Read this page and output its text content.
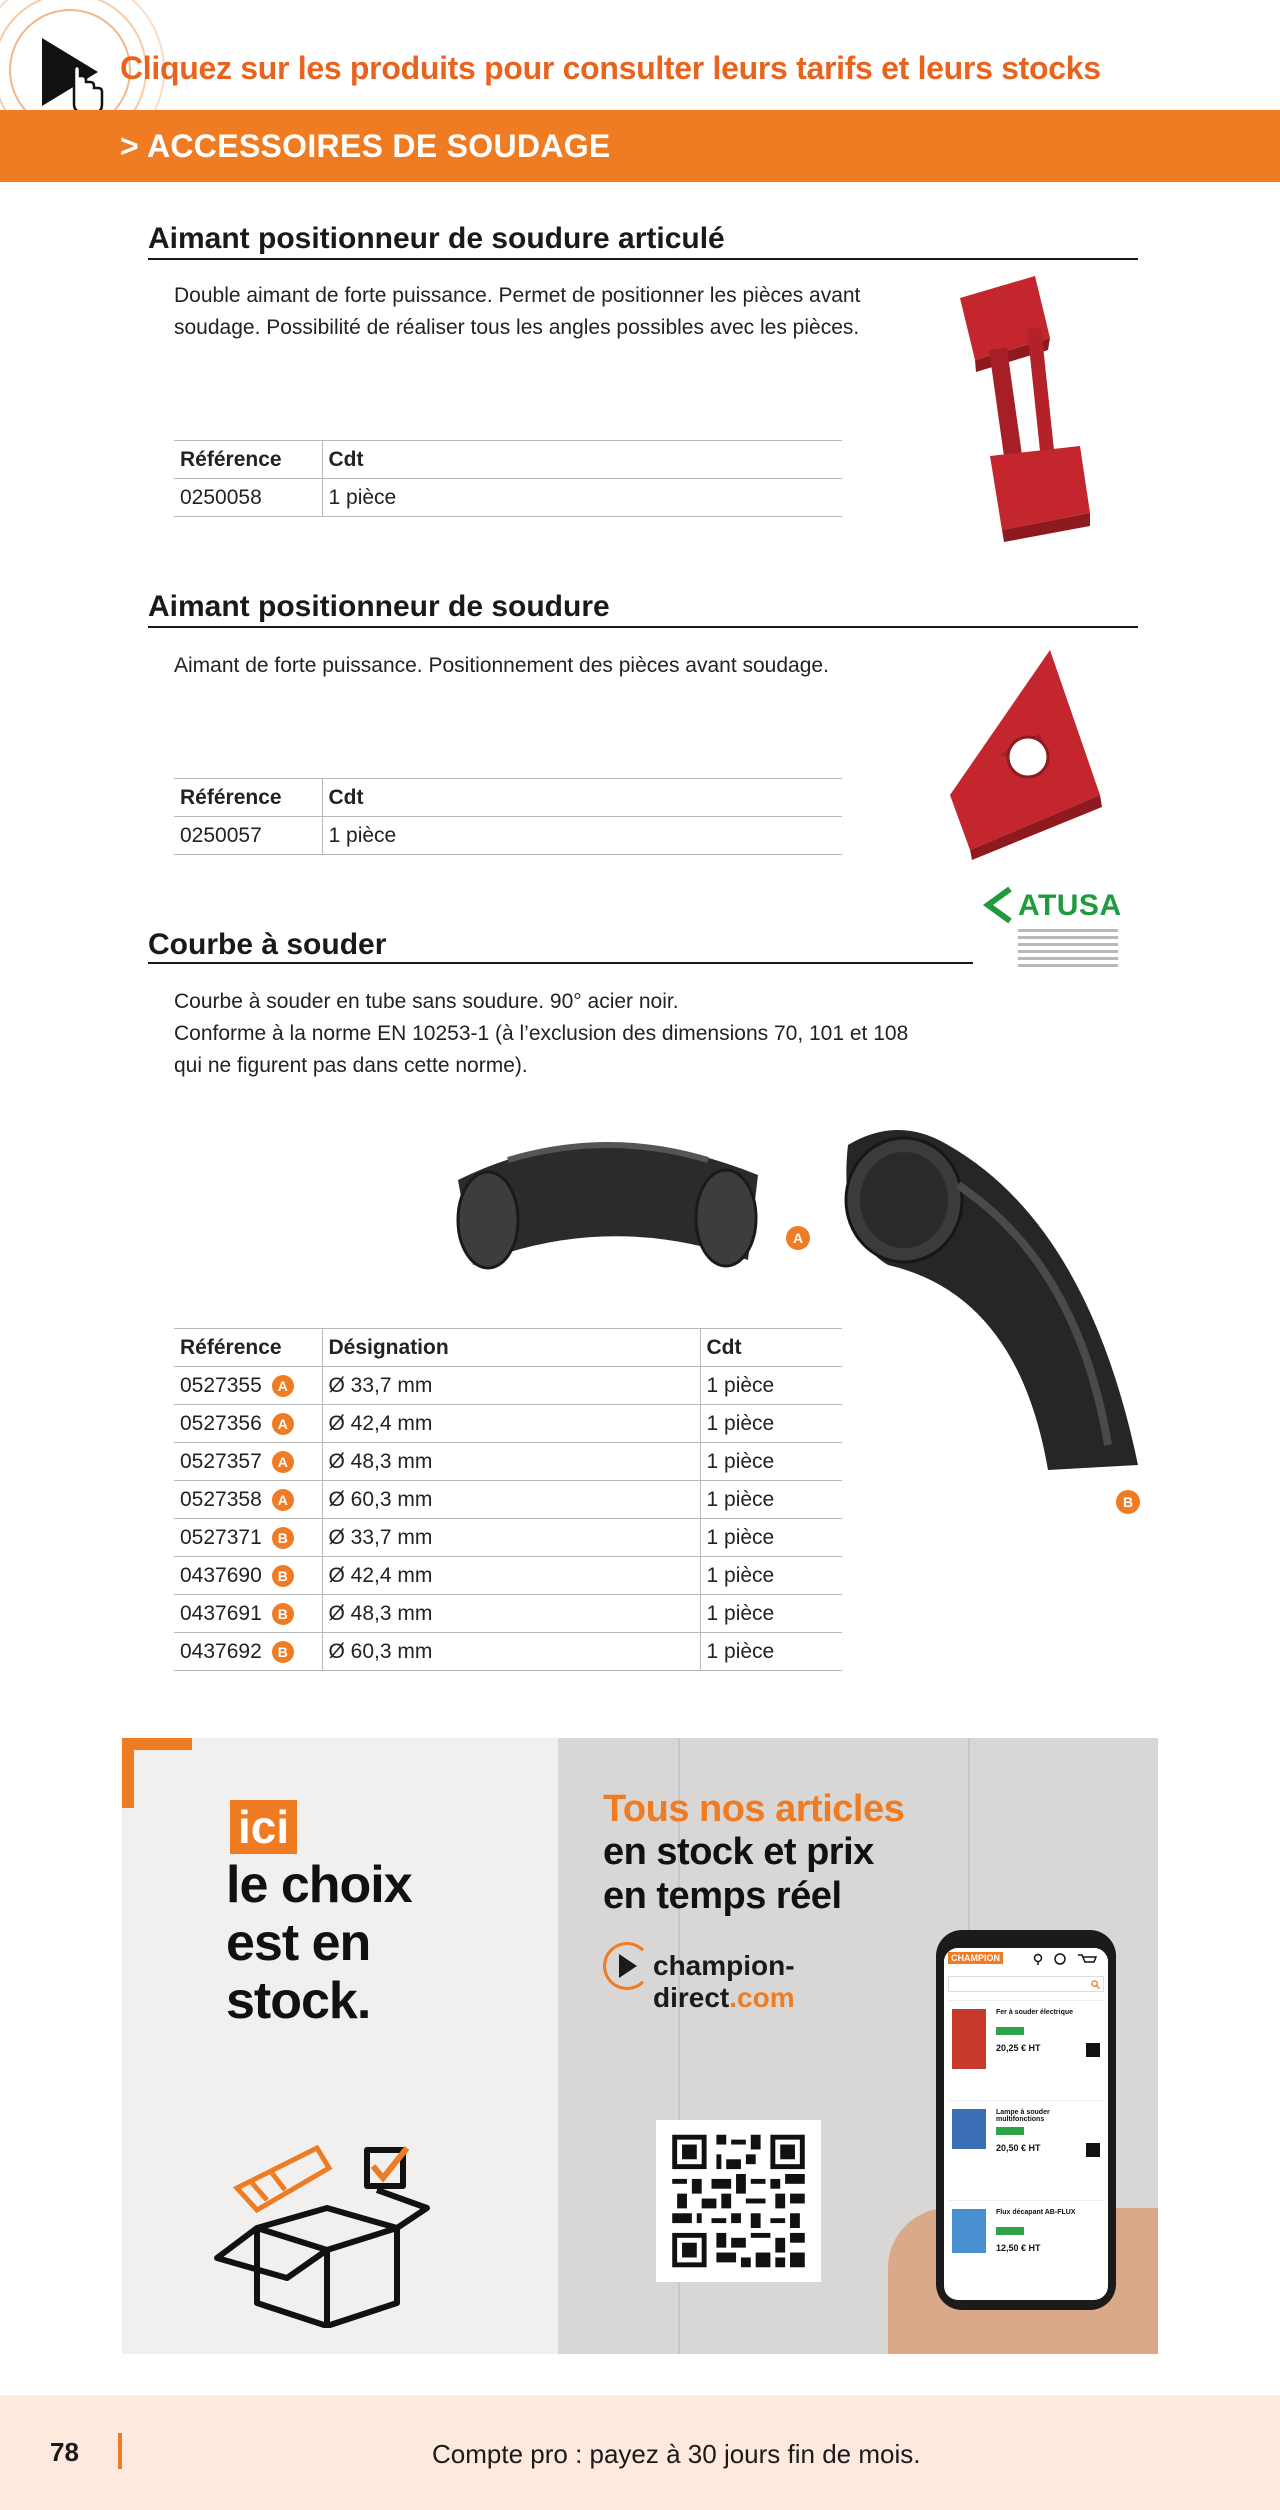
Cliquez sur les produits pour consulter leurs tarifs et leurs stocks
> ACCESSOIRES DE SOUDAGE
Aimant positionneur de soudure articulé
Double aimant de forte puissance. Permet de positionner les pièces avant
soudage. Possibilité de réaliser tous les angles possibles avec les pièces.
Référence	Cdt
0250058	1 pièce
Aimant positionneur de soudure
Aimant de forte puissance. Positionnement des pièces avant soudage.
Référence	Cdt
0250057	1 pièce
ATUSA
Courbe à souder
Courbe à souder en tube sans soudure. 90° acier noir.
Conforme à la norme EN 10253-1 (à l’exclusion des dimensions 70, 101 et 108
qui ne figurent pas dans cette norme).
A
B
Référence	Désignation	Cdt
0527355 A	Ø 33,7 mm	1 pièce
0527356 A	Ø 42,4 mm	1 pièce
0527357 A	Ø 48,3 mm	1 pièce
0527358 A	Ø 60,3 mm	1 pièce
0527371 B	Ø 33,7 mm	1 pièce
0437690 B	Ø 42,4 mm	1 pièce
0437691 B	Ø 48,3 mm	1 pièce
0437692 B	Ø 60,3 mm	1 pièce
ici
le choix
est en
stock.
Tous nos articles
en stock et prix
en temps réel
champion-direct.com
CHAMPION
Fer à souder électrique
20,25 € HT
Lampe à souder multifonctions
20,50 € HT
Flux décapant AB-FLUX
12,50 € HT
78	Compte pro : payez à 30 jours fin de mois.
